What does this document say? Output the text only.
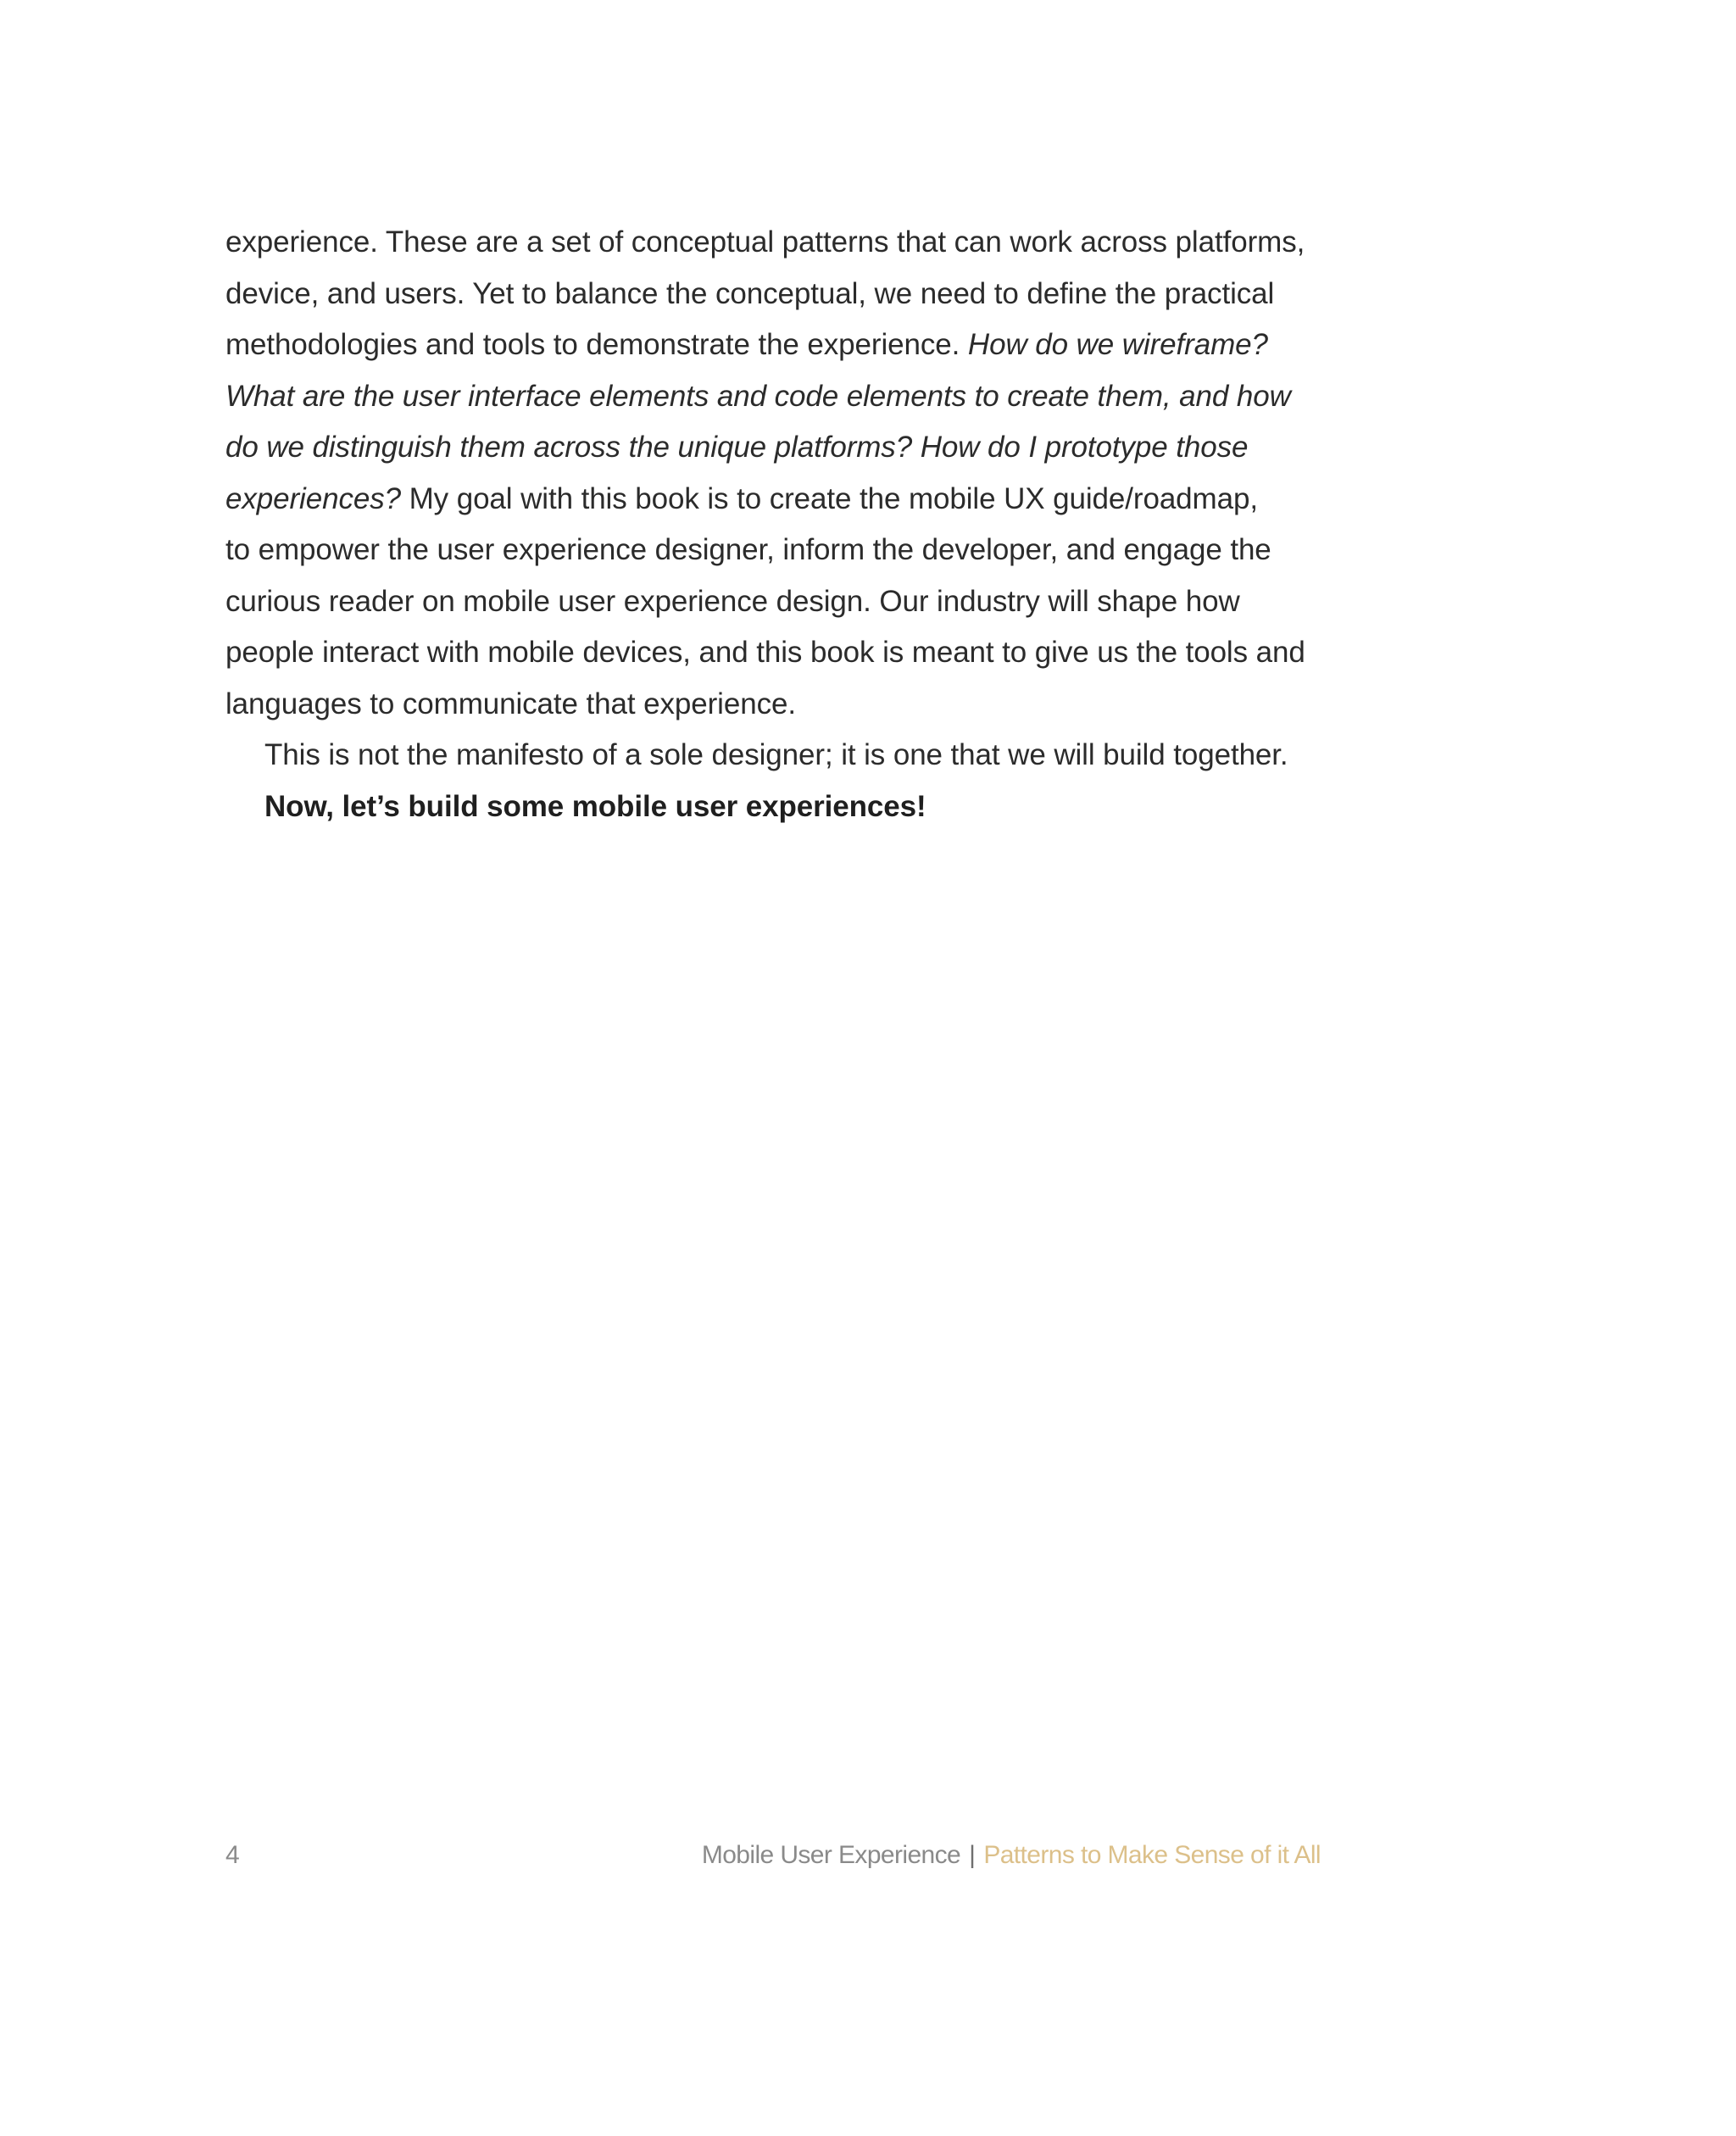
experience. These are a set of conceptual patterns that can work across platforms,
device, and users. Yet to balance the conceptual, we need to define the practical
methodologies and tools to demonstrate the experience. How do we wireframe?
What are the user interface elements and code elements to create them, and how
do we distinguish them across the unique platforms? How do I prototype those
experiences? My goal with this book is to create the mobile UX guide/roadmap,
to empower the user experience designer, inform the developer, and engage the
curious reader on mobile user experience design. Our industry will shape how
people interact with mobile devices, and this book is meant to give us the tools and
languages to communicate that experience.
This is not the manifesto of a sole designer; it is one that we will build together.
Now, let’s build some mobile user experiences!
4	Mobile User Experience | Patterns to Make Sense of it All
